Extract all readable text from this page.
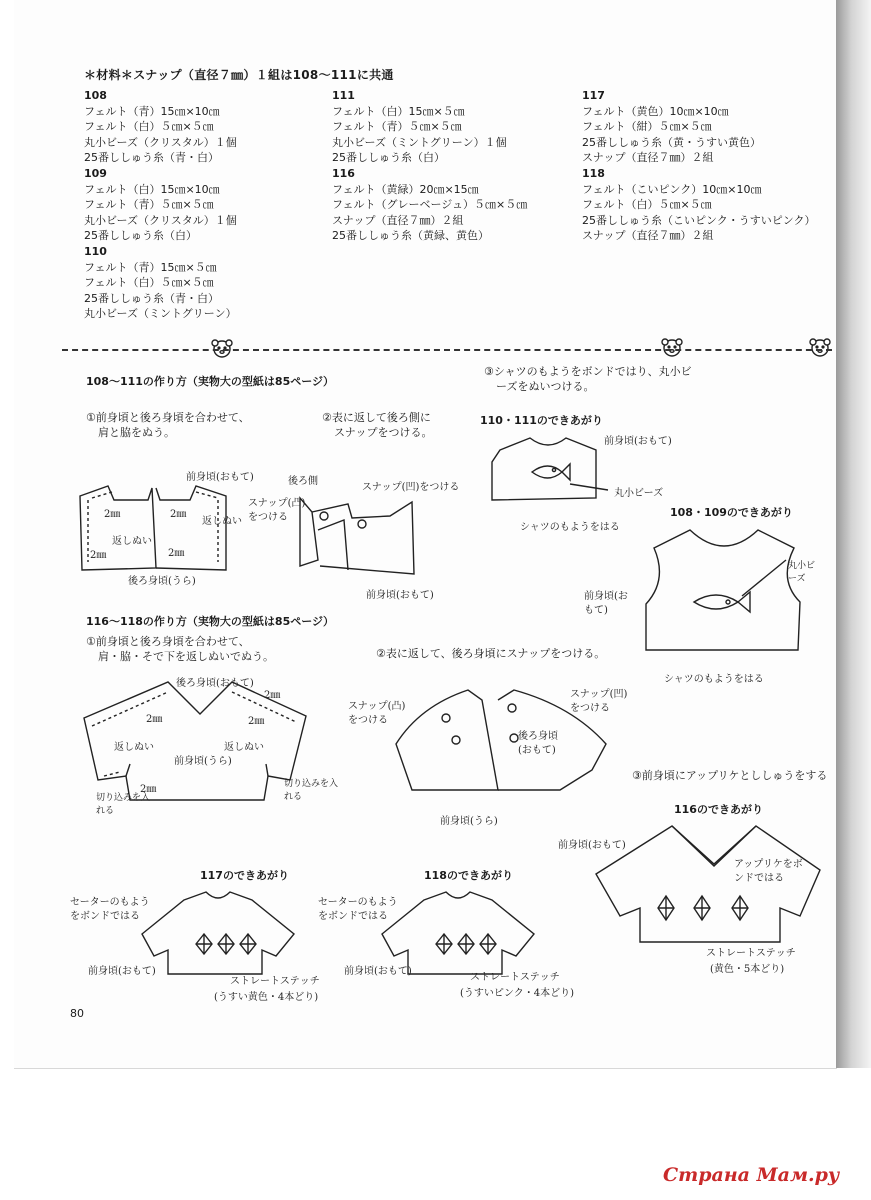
＊材料＊スナップ（直径７㎜）１組は108〜111に共通
108
フェルト（青）15㎝×10㎝
フェルト（白）５㎝×５㎝
丸小ビーズ（クリスタル）１個
25番ししゅう糸（青・白）
109
フェルト（白）15㎝×10㎝
フェルト（青）５㎝×５㎝
丸小ビーズ（クリスタル）１個
25番ししゅう糸（白）
110
フェルト（青）15㎝×５㎝
フェルト（白）５㎝×５㎝
25番ししゅう糸（青・白）
丸小ビーズ（ミントグリーン）
111
フェルト（白）15㎝×５㎝
フェルト（青）５㎝×５㎝
丸小ビーズ（ミントグリーン）１個
25番ししゅう糸（白）
116
フェルト（黄緑）20㎝×15㎝
フェルト（グレーベージュ）５㎝×５㎝
スナップ（直径７㎜）２組
25番ししゅう糸（黄緑、黄色）
117
フェルト（黄色）10㎝×10㎝
フェルト（紺）５㎝×５㎝
25番ししゅう糸（黄・うすい黄色）
スナップ（直径７㎜）２組
118
フェルト（こいピンク）10㎝×10㎝
フェルト（白）５㎝×５㎝
25番ししゅう糸（こいピンク・うすいピンク）
スナップ（直径７㎜）２組
108〜111の作り方（実物大の型紙は85ページ）
①前身頃と後ろ身頃を合わせて、
肩と脇をぬう。
②表に返して後ろ側に
スナップをつける。
③シャツのもようをボンドではり、丸小ビ
ーズをぬいつける。
110・111のできあがり
108・109のできあがり
前身頃(おもて)
2㎜	2㎜
返しぬい
返しぬい
2㎜	2㎜
後ろ身頃(うら)
後ろ側
スナップ(凹)をつける
スナップ(凸)をつける
前身頃(おもて)
前身頃(おもて)
丸小ビーズ
シャツのもようをはる
前身頃(おもて)
丸小ビーズ
シャツのもようをはる
116〜118の作り方（実物大の型紙は85ページ）
①前身頃と後ろ身頃を合わせて、
肩・脇・そで下を返しぬいでぬう。	②表に返して、後ろ身頃にスナップをつける。
③前身頃にアップリケとししゅうをする
117のできあがり	118のできあがり
116のできあがり
後ろ身頃(おもて)
2㎜
2㎜	2㎜
返しぬい	返しぬい
前身頃(うら)
2㎜
切り込みを入れる
切り込みを入れる
スナップ(凸)をつける
スナップ(凹)をつける
後ろ身頃(おもて)
前身頃(うら)
セーターのもようをボンドではる
前身頃(おもて)
ストレートステッチ
(うすい黄色・4本どり)
セーターのもようをボンドではる
前身頃(おもて)
ストレートステッチ
(うすいピンク・4本どり)
前身頃(おもて)
アップリケをボンドではる
ストレートステッチ
(黄色・5本どり)
80
Страна Мам.ру
